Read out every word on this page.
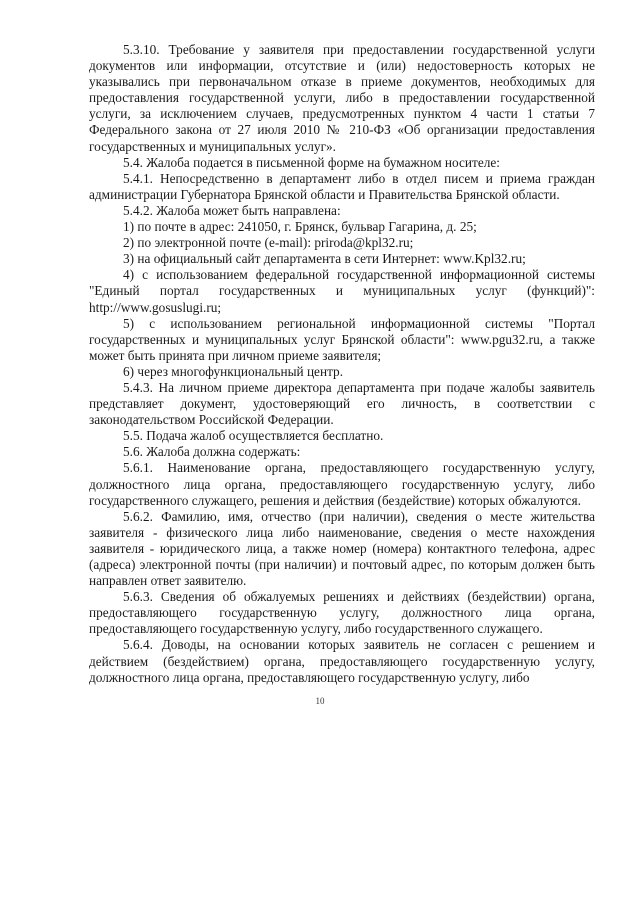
5.3.10. Требование у заявителя при предоставлении государственной услуги документов или информации, отсутствие и (или) недостоверность которых не указывались при первоначальном отказе в приеме документов, необходимых для предоставления государственной услуги, либо в предоставлении государственной услуги, за исключением случаев, предусмотренных пунктом 4 части 1 статьи 7 Федерального закона от 27 июля 2010 № 210-ФЗ «Об организации предоставления государственных и муниципальных услуг».

5.4. Жалоба подается в письменной форме на бумажном носителе:

5.4.1. Непосредственно в департамент либо в отдел писем и приема граждан администрации Губернатора Брянской области и Правительства Брянской области.

5.4.2. Жалоба может быть направлена:

1) по почте в адрес: 241050, г. Брянск, бульвар Гагарина, д. 25;

2) по электронной почте (e-mail): priroda@kpl32.ru;

3) на официальный сайт департамента в сети Интернет: www.Kpl32.ru;

4) с использованием федеральной государственной информационной системы "Единый портал государственных и муниципальных услуг (функций)": http://www.gosuslugi.ru;

5) с использованием региональной информационной системы "Портал государственных и муниципальных услуг Брянской области": www.pgu32.ru, а также может быть принята при личном приеме заявителя;

6) через многофункциональный центр.

5.4.3. На личном приеме директора департамента при подаче жалобы заявитель представляет документ, удостоверяющий его личность, в соответствии с законодательством Российской Федерации.

5.5. Подача жалоб осуществляется бесплатно.

5.6. Жалоба должна содержать:

5.6.1. Наименование органа, предоставляющего государственную услугу, должностного лица органа, предоставляющего государственную услугу, либо государственного служащего, решения и действия (бездействие) которых обжалуются.

5.6.2. Фамилию, имя, отчество (при наличии), сведения о месте жительства заявителя - физического лица либо наименование, сведения о месте нахождения заявителя - юридического лица, а также номер (номера) контактного телефона, адрес (адреса) электронной почты (при наличии) и почтовый адрес, по которым должен быть направлен ответ заявителю.

5.6.3. Сведения об обжалуемых решениях и действиях (бездействии) органа, предоставляющего государственную услугу, должностного лица органа, предоставляющего государственную услугу, либо государственного служащего.

5.6.4. Доводы, на основании которых заявитель не согласен с решением и действием (бездействием) органа, предоставляющего государственную услугу, должностного лица органа, предоставляющего государственную услугу, либо

10
